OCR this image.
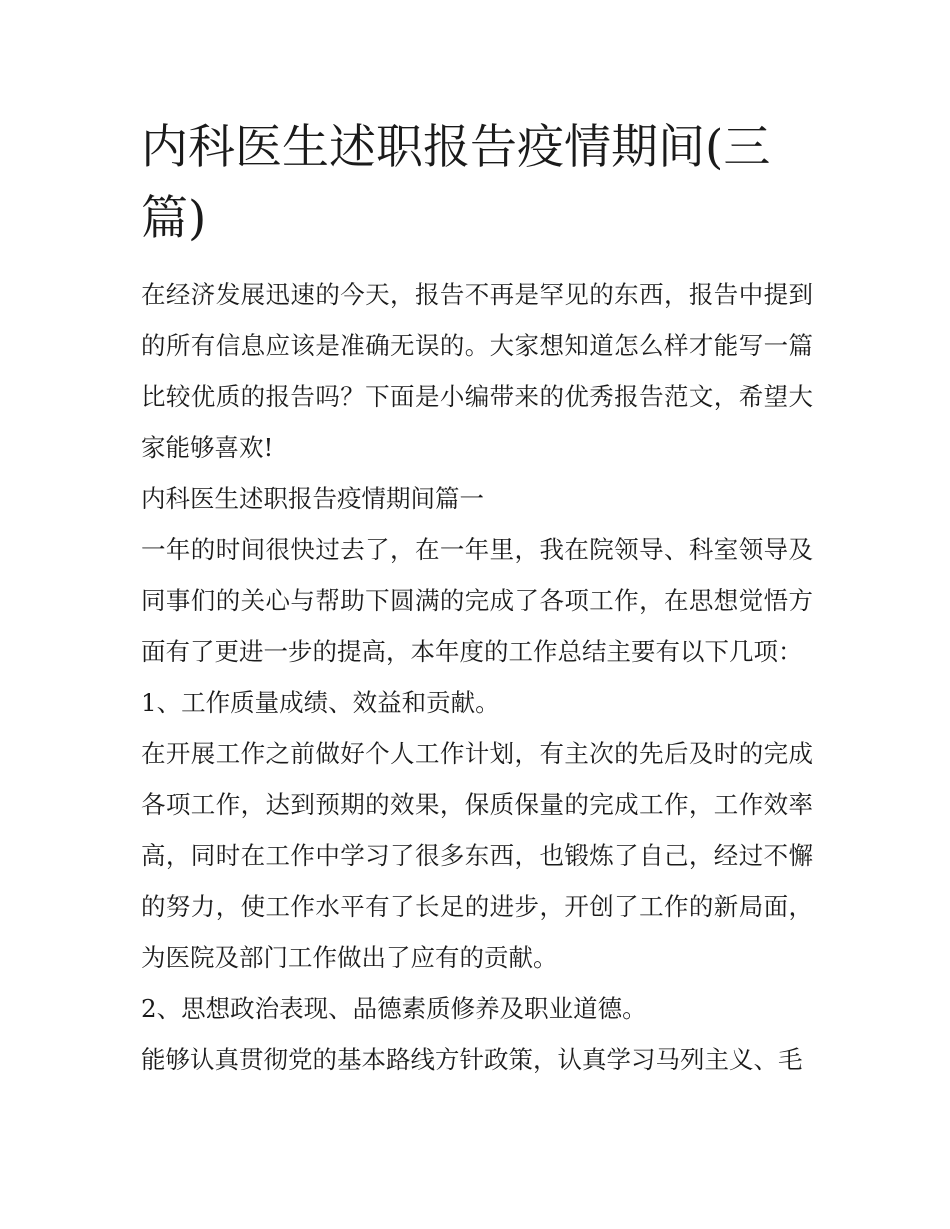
内科医生述职报告疫情期间(三篇)

在经济发展迅速的今天，报告不再是罕见的东西，报告中提到的所有信息应该是准确无误的。大家想知道怎么样才能写一篇比较优质的报告吗？下面是小编带来的优秀报告范文，希望大家能够喜欢!

内科医生述职报告疫情期间篇一

一年的时间很快过去了，在一年里，我在院领导、科室领导及同事们的关心与帮助下圆满的完成了各项工作，在思想觉悟方面有了更进一步的提高，本年度的工作总结主要有以下几项：

1、工作质量成绩、效益和贡献。

在开展工作之前做好个人工作计划，有主次的先后及时的完成各项工作，达到预期的效果，保质保量的完成工作，工作效率高，同时在工作中学习了很多东西，也锻炼了自己，经过不懈的努力，使工作水平有了长足的进步，开创了工作的新局面，为医院及部门工作做出了应有的贡献。

2、思想政治表现、品德素质修养及职业道德。

能够认真贯彻党的基本路线方针政策，认真学习马列主义、毛
